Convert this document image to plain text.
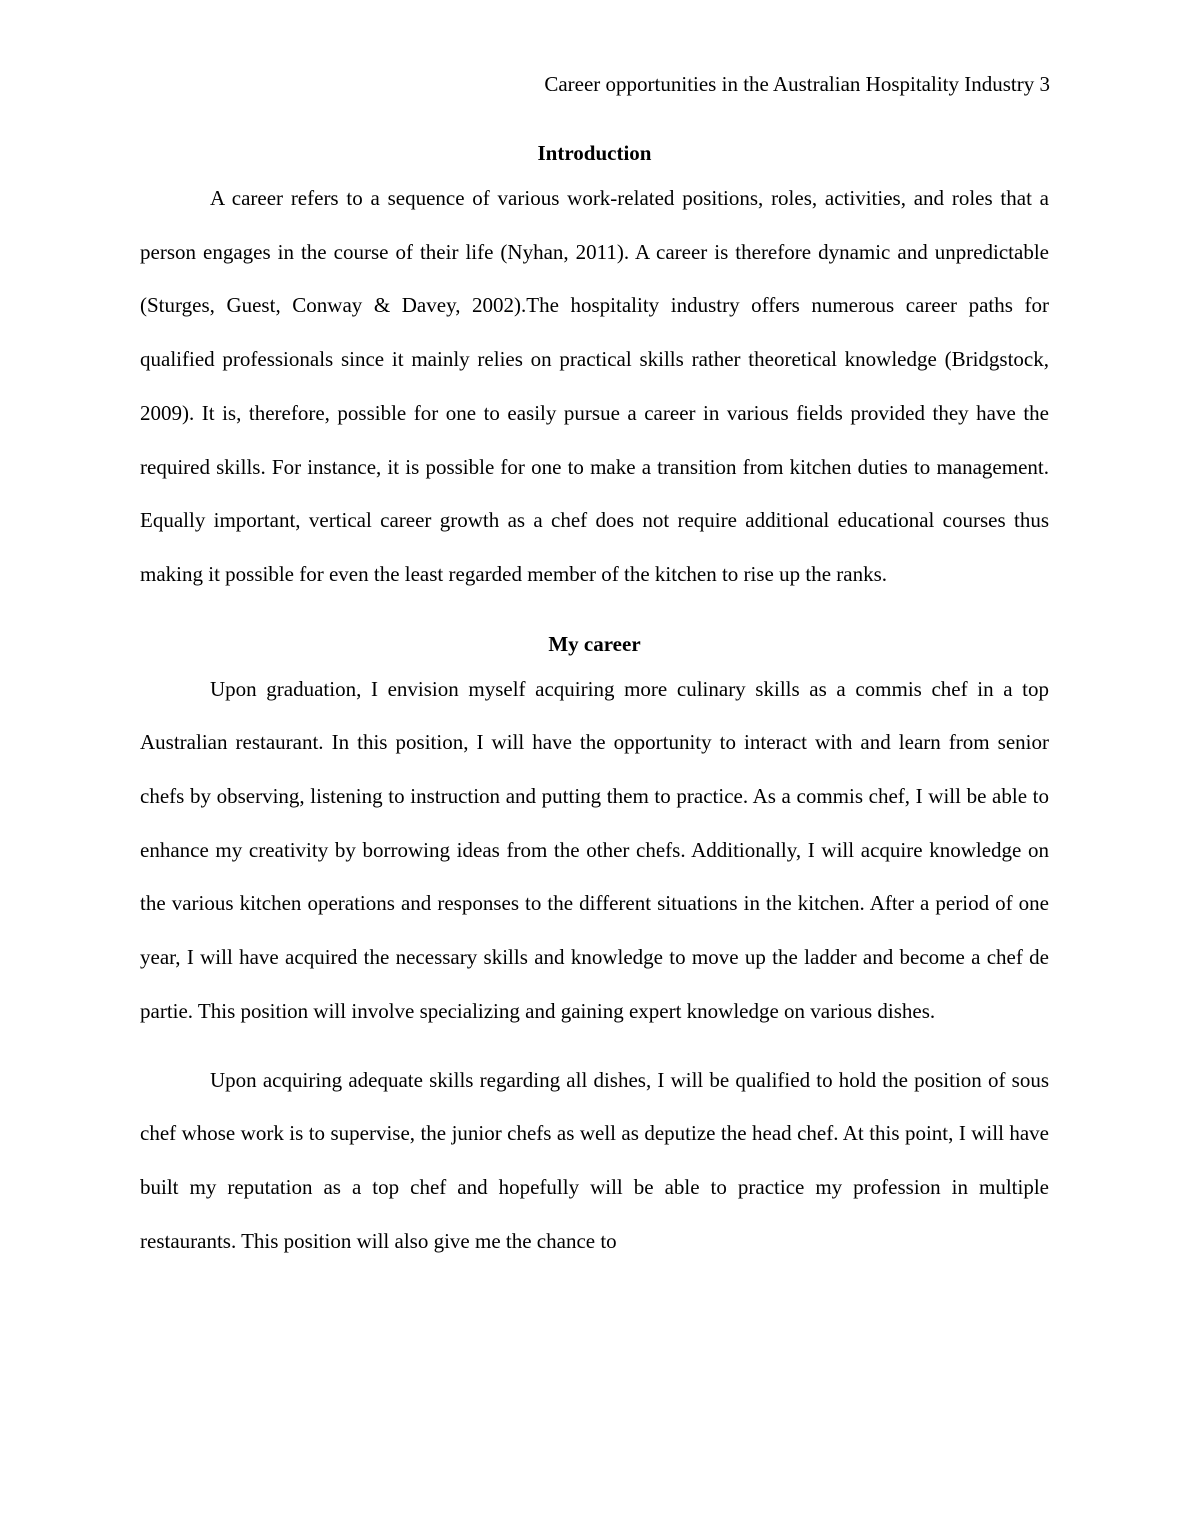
Career opportunities in the Australian Hospitality Industry 3
Introduction

A career refers to a sequence of various work-related positions, roles, activities, and roles that a person engages in the course of their life (Nyhan, 2011). A career is therefore dynamic and unpredictable (Sturges, Guest, Conway & Davey, 2002).The hospitality industry offers numerous career paths for qualified professionals since it mainly relies on practical skills rather theoretical knowledge (Bridgstock, 2009). It is, therefore, possible for one to easily pursue a career in various fields provided they have the required skills. For instance, it is possible for one to make a transition from kitchen duties to management. Equally important, vertical career growth as a chef does not require additional educational courses thus making it possible for even the least regarded member of the kitchen to rise up the ranks.

My career

Upon graduation, I envision myself acquiring more culinary skills as a commis chef in a top Australian restaurant. In this position, I will have the opportunity to interact with and learn from senior chefs by observing, listening to instruction and putting them to practice. As a commis chef, I will be able to enhance my creativity by borrowing ideas from the other chefs. Additionally, I will acquire knowledge on the various kitchen operations and responses to the different situations in the kitchen. After a period of one year, I will have acquired the necessary skills and knowledge to move up the ladder and become a chef de partie. This position will involve specializing and gaining expert knowledge on various dishes.

Upon acquiring adequate skills regarding all dishes, I will be qualified to hold the position of sous chef whose work is to supervise, the junior chefs as well as deputize the head chef. At this point, I will have built my reputation as a top chef and hopefully will be able to practice my profession in multiple restaurants. This position will also give me the chance to
